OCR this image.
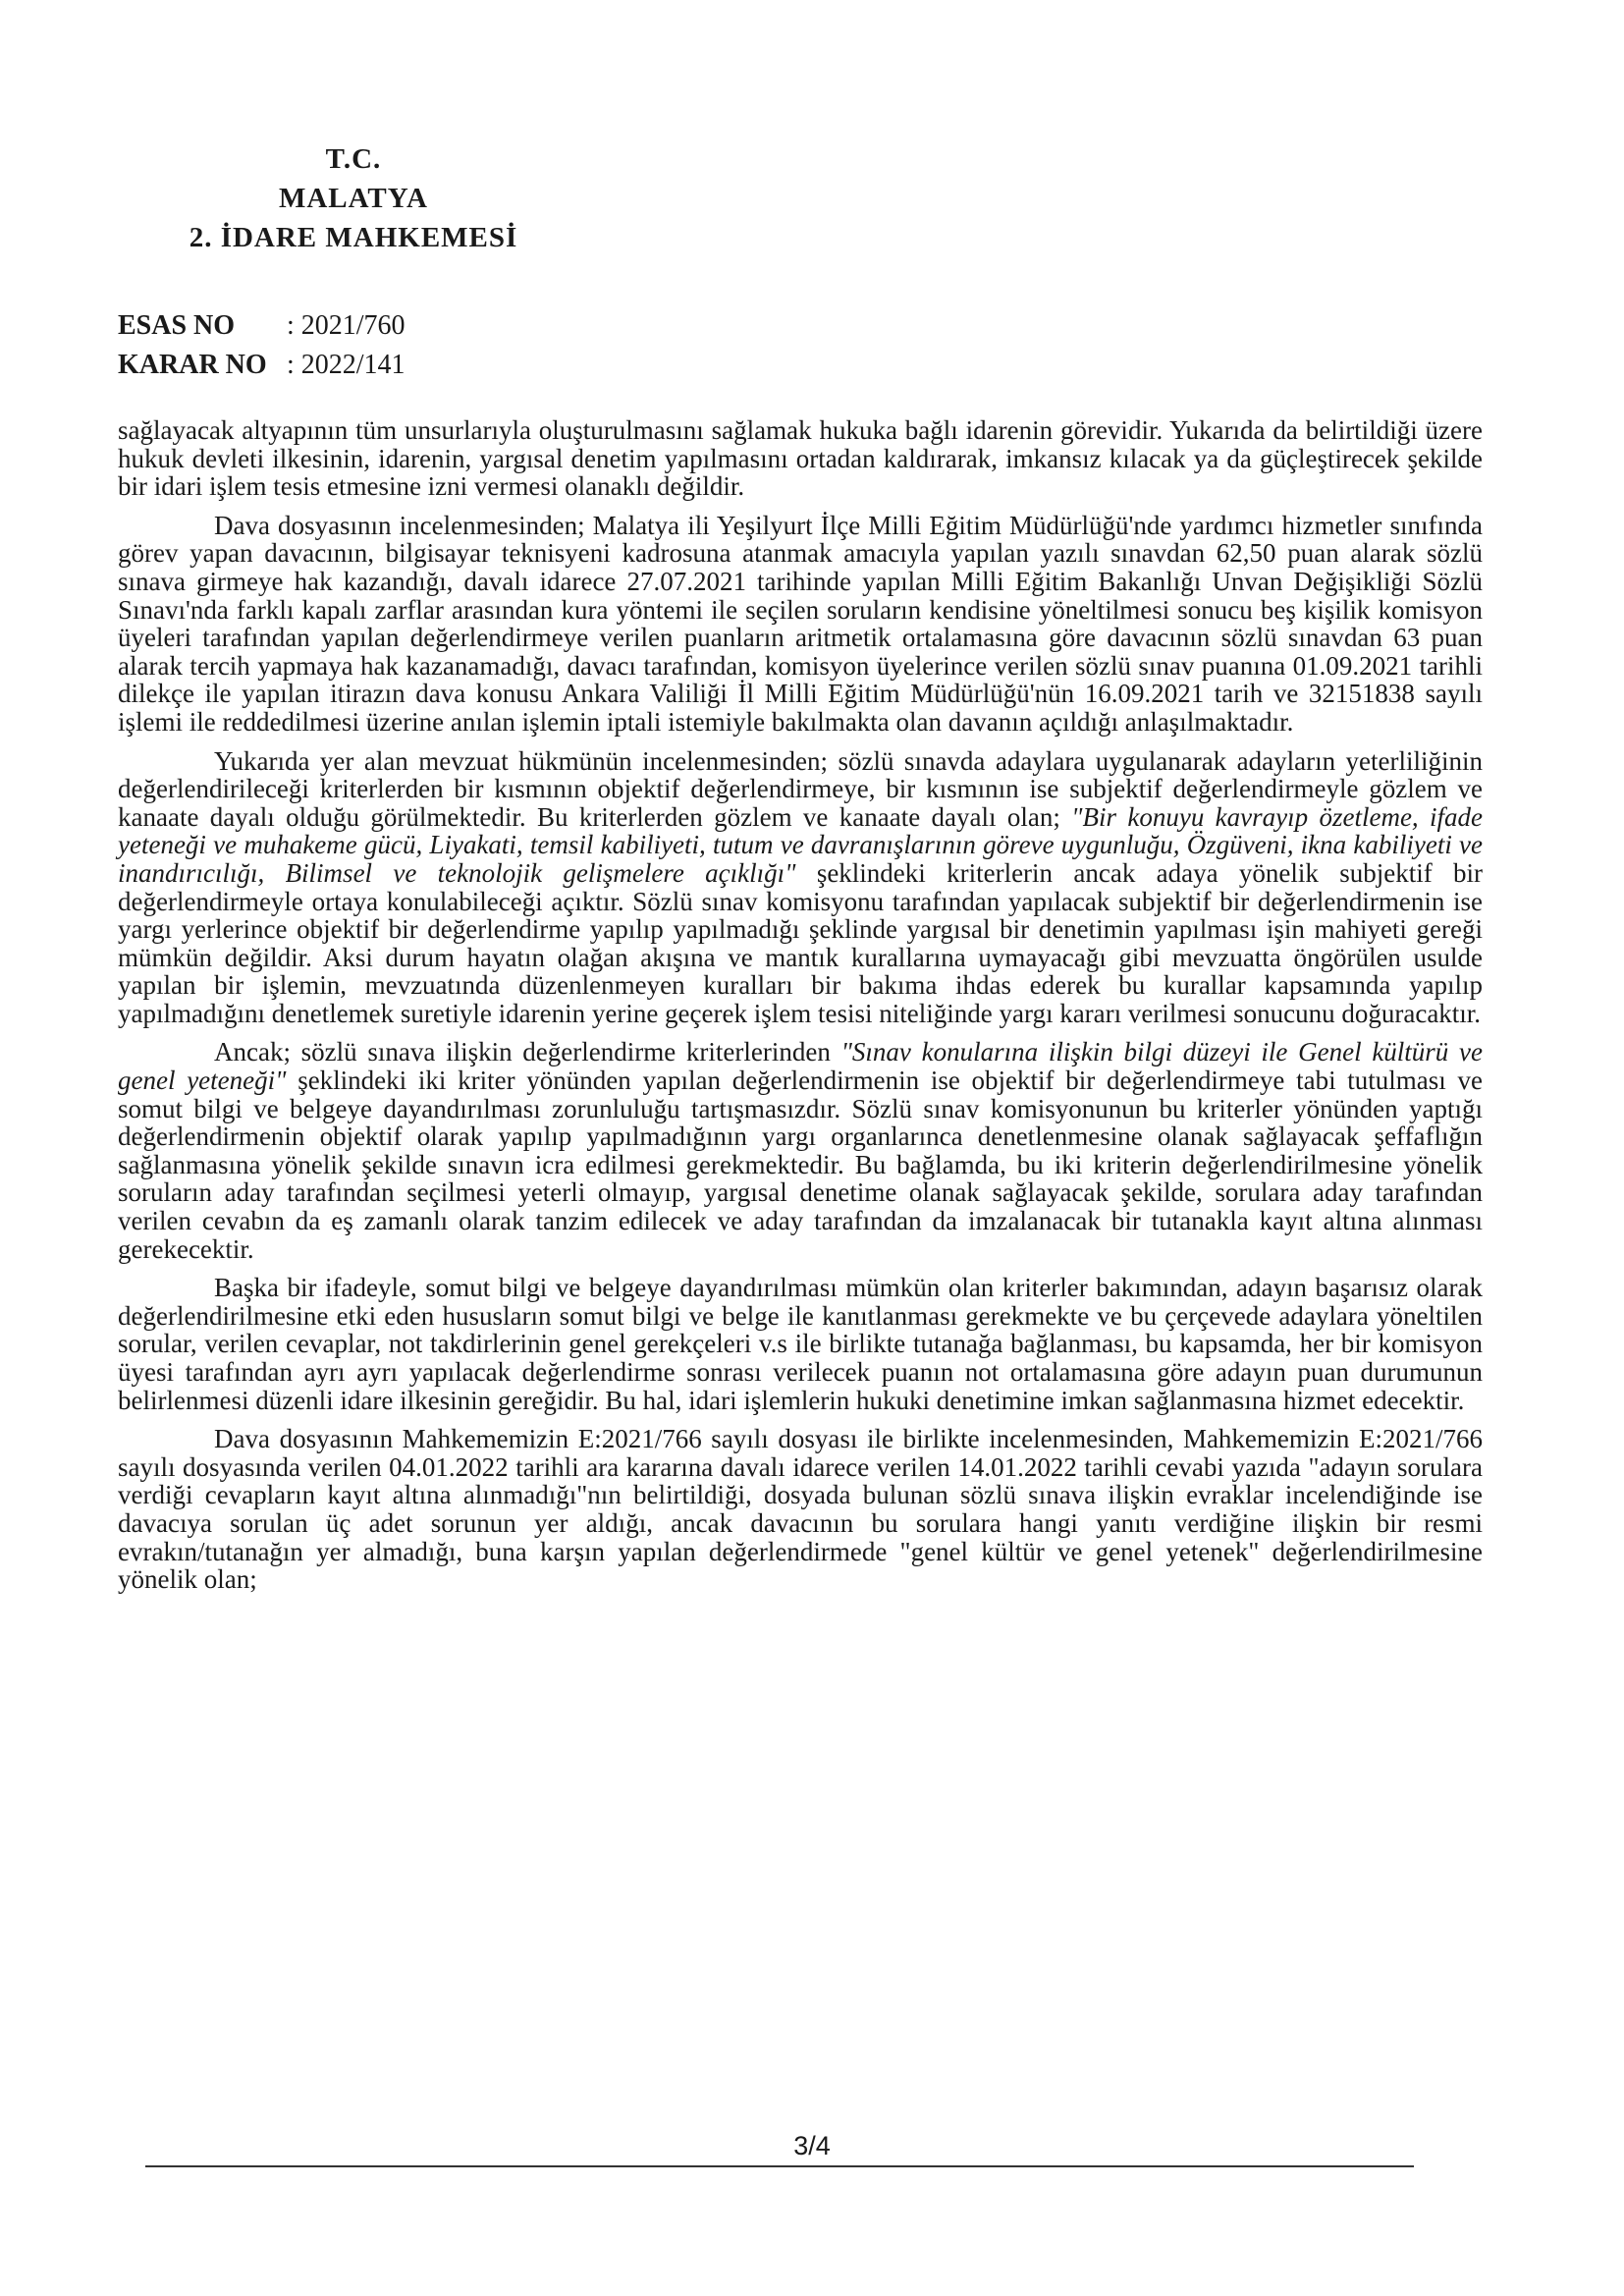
T.C.
MALATYA
2. İDARE MAHKEMESİ
ESAS NO : 2021/760
KARAR NO : 2022/141

sağlayacak altyapının tüm unsurlarıyla oluşturulmasını sağlamak hukuka bağlı idarenin görevidir. Yukarıda da belirtildiği üzere hukuk devleti ilkesinin, idarenin, yargısal denetim yapılmasını ortadan kaldırarak, imkansız kılacak ya da güçleştirecek şekilde bir idari işlem tesis etmesine izni vermesi olanaklı değildir.

Dava dosyasının incelenmesinden; Malatya ili Yeşilyurt İlçe Milli Eğitim Müdürlüğü'nde yardımcı hizmetler sınıfında görev yapan davacının, bilgisayar teknisyeni kadrosuna atanmak amacıyla yapılan yazılı sınavdan 62,50 puan alarak sözlü sınava girmeye hak kazandığı, davalı idarece 27.07.2021 tarihinde yapılan Milli Eğitim Bakanlığı Unvan Değişikliği Sözlü Sınavı'nda farklı kapalı zarflar arasından kura yöntemi ile seçilen soruların kendisine yöneltilmesi sonucu beş kişilik komisyon üyeleri tarafından yapılan değerlendirmeye verilen puanların aritmetik ortalamasına göre davacının sözlü sınavdan 63 puan alarak tercih yapmaya hak kazanamadığı, davacı tarafından, komisyon üyelerince verilen sözlü sınav puanına 01.09.2021 tarihli dilekçe ile yapılan itirazın dava konusu Ankara Valiliği İl Milli Eğitim Müdürlüğü'nün 16.09.2021 tarih ve 32151838 sayılı işlemi ile reddedilmesi üzerine anılan işlemin iptali istemiyle bakılmakta olan davanın açıldığı anlaşılmaktadır.

Yukarıda yer alan mevzuat hükmünün incelenmesinden; sözlü sınavda adaylara uygulanarak adayların yeterliliğinin değerlendirileceği kriterlerden bir kısmının objektif değerlendirmeye, bir kısmının ise subjektif değerlendirmeyle gözlem ve kanaate dayalı olduğu görülmektedir. Bu kriterlerden gözlem ve kanaate dayalı olan; "Bir konuyu kavrayıp özetleme, ifade yeteneği ve muhakeme gücü, Liyakati, temsil kabiliyeti, tutum ve davranışlarının göreve uygunluğu, Özgüveni, ikna kabiliyeti ve inandırıcılığı, Bilimsel ve teknolojik gelişmelere açıklığı" şeklindeki kriterlerin ancak adaya yönelik subjektif bir değerlendirmeyle ortaya konulabileceği açıktır. Sözlü sınav komisyonu tarafından yapılacak subjektif bir değerlendirmenin ise yargı yerlerince objektif bir değerlendirme yapılıp yapılmadığı şeklinde yargısal bir denetimin yapılması işin mahiyeti gereği mümkün değildir. Aksi durum hayatın olağan akışına ve mantık kurallarına uymayacağı gibi mevzuatta öngörülen usulde yapılan bir işlemin, mevzuatında düzenlenmeyen kuralları bir bakıma ihdas ederek bu kurallar kapsamında yapılıp yapılmadığını denetlemek suretiyle idarenin yerine geçerek işlem tesisi niteliğinde yargı kararı verilmesi sonucunu doğuracaktır.

Ancak; sözlü sınava ilişkin değerlendirme kriterlerinden "Sınav konularına ilişkin bilgi düzeyi ile Genel kültürü ve genel yeteneği" şeklindeki iki kriter yönünden yapılan değerlendirmenin ise objektif bir değerlendirmeye tabi tutulması ve somut bilgi ve belgeye dayandırılması zorunluluğu tartışmasızdır. Sözlü sınav komisyonunun bu kriterler yönünden yaptığı değerlendirmenin objektif olarak yapılıp yapılmadığının yargı organlarınca denetlenmesine olanak sağlayacak şeffaflığın sağlanmasına yönelik şekilde sınavın icra edilmesi gerekmektedir. Bu bağlamda, bu iki kriterin değerlendirilmesine yönelik soruların aday tarafından seçilmesi yeterli olmayıp, yargısal denetime olanak sağlayacak şekilde, sorulara aday tarafından verilen cevabın da eş zamanlı olarak tanzim edilecek ve aday tarafından da imzalanacak bir tutanakla kayıt altına alınması gerekecektir.

Başka bir ifadeyle, somut bilgi ve belgeye dayandırılması mümkün olan kriterler bakımından, adayın başarısız olarak değerlendirilmesine etki eden hususların somut bilgi ve belge ile kanıtlanması gerekmekte ve bu çerçevede adaylara yöneltilen sorular, verilen cevaplar, not takdirlerinin genel gerekçeleri v.s ile birlikte tutanağa bağlanması, bu kapsamda, her bir komisyon üyesi tarafından ayrı ayrı yapılacak değerlendirme sonrası verilecek puanın not ortalamasına göre adayın puan durumunun belirlenmesi düzenli idare ilkesinin gereğidir. Bu hal, idari işlemlerin hukuki denetimine imkan sağlanmasına hizmet edecektir.

Dava dosyasının Mahkememizin E:2021/766 sayılı dosyası ile birlikte incelenmesinden, Mahkememizin E:2021/766 sayılı dosyasında verilen 04.01.2022 tarihli ara kararına davalı idarece verilen 14.01.2022 tarihli cevabi yazıda "adayın sorulara verdiği cevapların kayıt altına alınmadığı"nın belirtildiği, dosyada bulunan sözlü sınava ilişkin evraklar incelendiğinde ise davacıya sorulan üç adet sorunun yer aldığı, ancak davacının bu sorulara hangi yanıtı verdiğine ilişkin bir resmi evrakın/tutanağın yer almadığı, buna karşın yapılan değerlendirmede "genel kültür ve genel yetenek" değerlendirilmesine yönelik olan;

3/4
